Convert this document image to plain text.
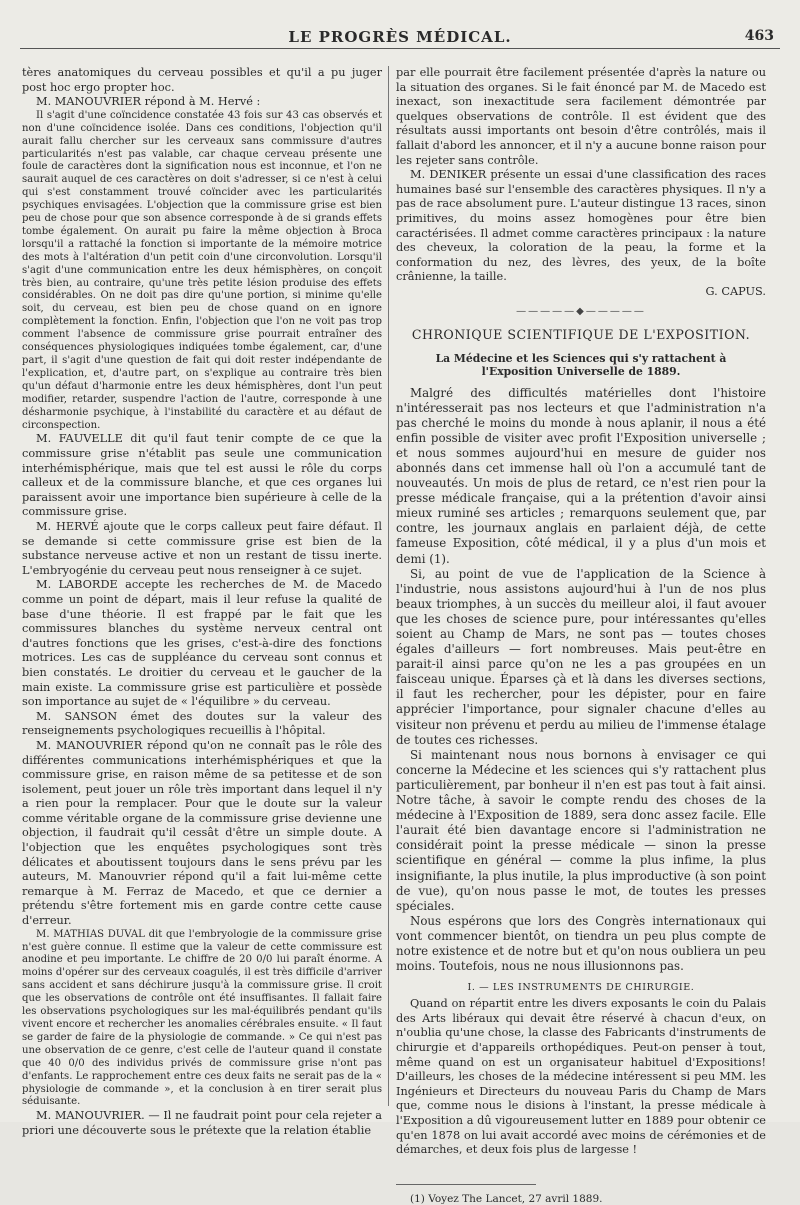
LE PROGRÈS MÉDICAL.	463

tères anatomiques du cerveau possibles et qu'il a pu juger post hoc ergo propter hoc.

M. MANOUVRIER répond à M. Hervé :

Il s'agit d'une coïncidence constatée 43 fois sur 43 cas observés et non d'une coïncidence isolée. Dans ces conditions, l'objection qu'il aurait fallu chercher sur les cerveaux sans commissure d'autres particularités n'est pas valable, car chaque cerveau présente une foule de caractères dont la signification nous est inconnue, et l'on ne saurait auquel de ces caractères on doit s'adresser, si ce n'est à celui qui s'est constamment trouvé coïncider avec les particularités psychiques envisagées. L'objection que la commissure grise est bien peu de chose pour que son absence corresponde à de si grands effets tombe également. On aurait pu faire la même objection à Broca lorsqu'il a rattaché la fonction si importante de la mémoire motrice des mots à l'altération d'un petit coin d'une circonvolution. Lorsqu'il s'agit d'une communication entre les deux hémisphères, on conçoit très bien, au contraire, qu'une très petite lésion produise des effets considérables. On ne doit pas dire qu'une portion, si minime qu'elle soit, du cerveau, est bien peu de chose quand on en ignore complètement la fonction. Enfin, l'objection que l'on ne voit pas trop comment l'absence de commissure grise pourrait entraîner des conséquences physiologiques indiquées tombe également, car, d'une part, il s'agit d'une question de fait qui doit rester indépendante de l'explication, et, d'autre part, on s'explique au contraire très bien qu'un défaut d'harmonie entre les deux hémisphères, dont l'un peut modifier, retarder, suspendre l'action de l'autre, corresponde à une désharmonie psychique, à l'instabilité du caractère et au défaut de circonspection.

M. FAUVELLE dit qu'il faut tenir compte de ce que la commissure grise n'établit pas seule une communication interhémisphérique, mais que tel est aussi le rôle du corps calleux et de la commissure blanche, et que ces organes lui paraissent avoir une importance bien supérieure à celle de la commissure grise.

M. HERVÉ ajoute que le corps calleux peut faire défaut. Il se demande si cette commissure grise est bien de la substance nerveuse active et non un restant de tissu inerte. L'embryogénie du cerveau peut nous renseigner à ce sujet.

M. LABORDE accepte les recherches de M. de Macedo comme un point de départ, mais il leur refuse la qualité de base d'une théorie. Il est frappé par le fait que les commissures blanches du système nerveux central ont d'autres fonctions que les grises, c'est-à-dire des fonctions motrices. Les cas de suppléance du cerveau sont connus et bien constatés. Le droitier du cerveau et le gaucher de la main existe. La commissure grise est particulière et possède son importance au sujet de « l'équilibre » du cerveau.

M. SANSON émet des doutes sur la valeur des renseignements psychologiques recueillis à l'hôpital.

M. MANOUVRIER répond qu'on ne connaît pas le rôle des différentes communications interhémisphériques et que la commissure grise, en raison même de sa petitesse et de son isolement, peut jouer un rôle très important dans lequel il n'y a rien pour la remplacer. Pour que le doute sur la valeur comme véritable organe de la commissure grise devienne une objection, il faudrait qu'il cessât d'être un simple doute. A l'objection que les enquêtes psychologiques sont très délicates et aboutissent toujours dans le sens prévu par les auteurs, M. Manouvrier répond qu'il a fait lui-même cette remarque à M. Ferraz de Macedo, et que ce dernier a prétendu s'être fortement mis en garde contre cette cause d'erreur.

M. MATHIAS DUVAL dit que l'embryologie de la commissure grise n'est guère connue. Il estime que la valeur de cette commissure est anodine et peu importante. Le chiffre de 20 0/0 lui paraît énorme. A moins d'opérer sur des cerveaux coagulés, il est très difficile d'arriver sans accident et sans déchirure jusqu'à la commissure grise. Il croit que les observations de contrôle ont été insuffisantes. Il fallait faire les observations psychologiques sur les mal-équilibrés pendant qu'ils vivent encore et rechercher les anomalies cérébrales ensuite. « Il faut se garder de faire de la physiologie de commande. » Ce qui n'est pas une observation de ce genre, c'est celle de l'auteur quand il constate que 40 0/0 des individus privés de commissure grise n'ont pas d'enfants. Le rapprochement entre ces deux faits ne serait pas de la « physiologie de commande », et la conclusion à en tirer serait plus séduisante.

M. MANOUVRIER. — Il ne faudrait point pour cela rejeter a priori une découverte sous le prétexte que la relation établie

par elle pourrait être facilement présentée d'après la nature ou la situation des organes. Si le fait énoncé par M. de Macedo est inexact, son inexactitude sera facilement démontrée par quelques observations de contrôle. Il est évident que des résultats aussi importants ont besoin d'être contrôlés, mais il fallait d'abord les annoncer, et il n'y a aucune bonne raison pour les rejeter sans contrôle.

M. DENIKER présente un essai d'une classification des races humaines basé sur l'ensemble des caractères physiques. Il n'y a pas de race absolument pure. L'auteur distingue 13 races, sinon primitives, du moins assez homogènes pour être bien caractérisées. Il admet comme caractères principaux : la nature des cheveux, la coloration de la peau, la forme et la conformation du nez, des lèvres, des yeux, de la boîte crânienne, la taille.

G. CAPUS.

—————◆—————
CHRONIQUE SCIENTIFIQUE DE L'EXPOSITION.
La Médecine et les Sciences qui s'y rattachent à l'Exposition Universelle de 1889.

Malgré des difficultés matérielles dont l'histoire n'intéresserait pas nos lecteurs et que l'administration n'a pas cherché le moins du monde à nous aplanir, il nous a été enfin possible de visiter avec profit l'Exposition universelle ; et nous sommes aujourd'hui en mesure de guider nos abonnés dans cet immense hall où l'on a accumulé tant de nouveautés. Un mois de plus de retard, ce n'est rien pour la presse médicale française, qui a la prétention d'avoir ainsi mieux ruminé ses articles ; remarquons seulement que, par contre, les journaux anglais en parlaient déjà, de cette fameuse Exposition, côté médical, il y a plus d'un mois et demi (1).

Si, au point de vue de l'application de la Science à l'industrie, nous assistons aujourd'hui à l'un de nos plus beaux triomphes, à un succès du meilleur aloi, il faut avouer que les choses de science pure, pour intéressantes qu'elles soient au Champ de Mars, ne sont pas — toutes choses égales d'ailleurs — fort nombreuses. Mais peut-être en parait-il ainsi parce qu'on ne les a pas groupées en un faisceau unique. Éparses çà et là dans les diverses sections, il faut les rechercher, pour les dépister, pour en faire apprécier l'importance, pour signaler chacune d'elles au visiteur non prévenu et perdu au milieu de l'immense étalage de toutes ces richesses.

Si maintenant nous nous bornons à envisager ce qui concerne la Médecine et les sciences qui s'y rattachent plus particulièrement, par bonheur il n'en est pas tout à fait ainsi. Notre tâche, à savoir le compte rendu des choses de la médecine à l'Exposition de 1889, sera donc assez facile. Elle l'aurait été bien davantage encore si l'administration ne considérait point la presse médicale — sinon la presse scientifique en général — comme la plus infime, la plus insignifiante, la plus inutile, la plus improductive (à son point de vue), qu'on nous passe le mot, de toutes les presses spéciales.

Nous espérons que lors des Congrès internationaux qui vont commencer bientôt, on tiendra un peu plus compte de notre existence et de notre but et qu'on nous oubliera un peu moins. Toutefois, nous ne nous illusionnons pas.

I. — LES INSTRUMENTS DE CHIRURGIE.

Quand on répartit entre les divers exposants le coin du Palais des Arts libéraux qui devait être réservé à chacun d'eux, on n'oublia qu'une chose, la classe des Fabricants d'instruments de chirurgie et d'appareils orthopédiques. Peut-on penser à tout, même quand on est un organisateur habituel d'Expositions! D'ailleurs, les choses de la médecine intéressent si peu MM. les Ingénieurs et Directeurs du nouveau Paris du Champ de Mars que, comme nous le disions à l'instant, la presse médicale à l'Exposition a dû vigoureusement lutter en 1889 pour obtenir ce qu'en 1878 on lui avait accordé avec moins de cérémonies et de démarches, et deux fois plus de largesse !

(1) Voyez The Lancet, 27 avril 1889.
